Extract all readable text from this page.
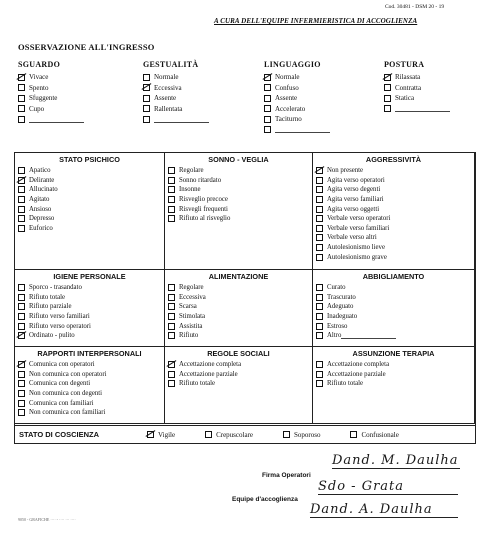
Cod. 30481 - DSM 20 - 19
A CURA DELL'EQUIPE INFERMIERISTICA DI ACCOGLIENZA
OSSERVAZIONE ALL'INGRESSO
SGUARDO
Vivace
Spento
Sfuggente
Cupo
GESTUALITÀ
Normale
Eccessiva
Assente
Rallentata
LINGUAGGIO
Normale
Confuso
Assente
Accelerato
Taciturno
POSTURA
Rilassata
Contratta
Statica
STATO PSICHICO
Apatico
Delirante
Allucinato
Agitato
Ansioso
Depresso
Euforico
SONNO - VEGLIA
Regolare
Sonno ritardato
Insonne
Risveglio precoce
Risvegli frequenti
Rifiuto al risveglio
AGGRESSIVITÀ
Non presente
Agita verso operatori
Agita verso degenti
Agita verso familiari
Agita verso oggetti
Verbale verso operatori
Verbale verso familiari
Verbale verso altri
Autolesionismo lieve
Autolesionismo grave
IGIENE PERSONALE
Sporco - trasandato
Rifiuto totale
Rifiuto parziale
Rifiuto verso familiari
Rifiuto verso operatori
Ordinato - pulito
ALIMENTAZIONE
Regolare
Eccessiva
Scarsa
Stimolata
Assistita
Rifiuto
ABBIGLIAMENTO
Curato
Trascurato
Adeguato
Inadeguato
Estroso
Altro
RAPPORTI INTERPERSONALI
Comunica con operatori
Non comunica con operatori
Comunica con degenti
Non comunica con degenti
Comunica con familiari
Non comunica con familiari
REGOLE SOCIALI
Accettazione completa
Accettazione parziale
Rifiuto totale
ASSUNZIONE TERAPIA
Accettazione completa
Accettazione parziale
Rifiuto totale
STATO DI COSCIENZA	Vigile	Crepuscolare	Soporoso	Confusionale
Firma Operatori
Dand. M. Daulha
Equipe d'accoglienza
Sdo - Grata
Dand. A. Daulha
9050 - GRAFICHE ···· - ···· ··· ····
